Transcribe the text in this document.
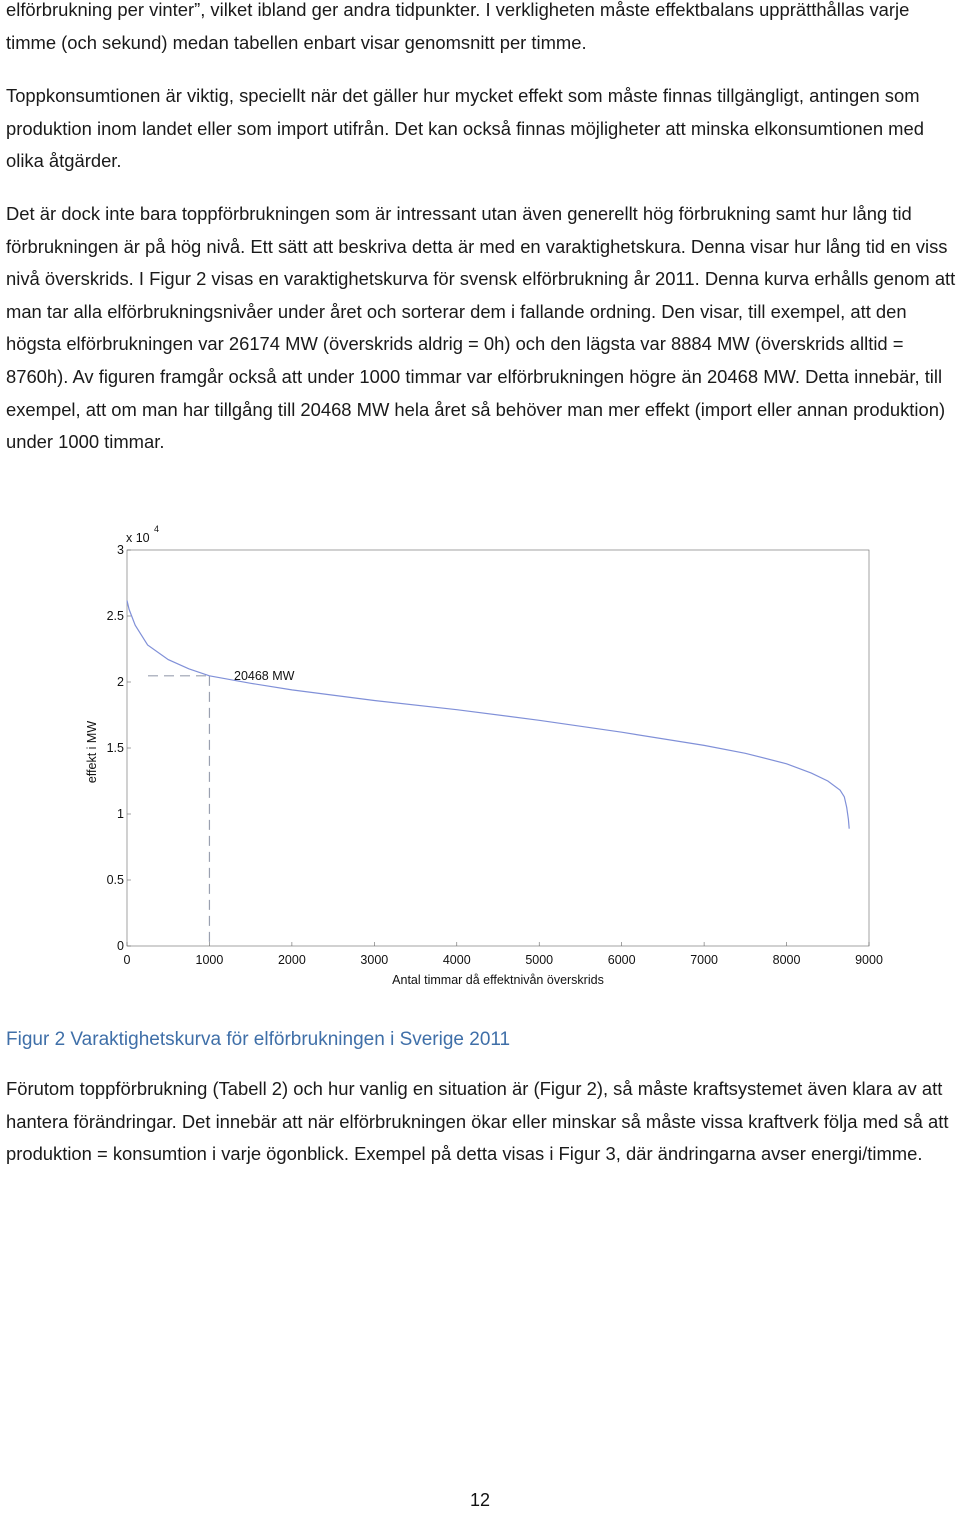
elförbrukning per vinter”, vilket ibland ger andra tidpunkter. I verkligheten måste effektbalans upprätthållas varje timme (och sekund) medan tabellen enbart visar genomsnitt per timme.

Toppkonsumtionen är viktig, speciellt när det gäller hur mycket effekt som måste finnas tillgängligt, antingen som produktion inom landet eller som import utifrån. Det kan också finnas möjligheter att minska elkonsumtionen med olika åtgärder.

Det är dock inte bara toppförbrukningen som är intressant utan även generellt hög förbrukning samt hur lång tid förbrukningen är på hög nivå. Ett sätt att beskriva detta är med en varaktighetskura. Denna visar hur lång tid en viss nivå överskrids. I Figur 2 visas en varaktighetskurva för svensk elförbrukning år 2011. Denna kurva erhålls genom att man tar alla elförbrukningsnivåer under året och sorterar dem i fallande ordning. Den visar, till exempel, att den högsta elförbrukningen var 26174 MW (överskrids aldrig = 0h) och den lägsta var 8884 MW (överskrids alltid = 8760h). Av figuren framgår också att under 1000 timmar var elförbrukningen högre än 20468 MW. Detta innebär, till exempel, att om man har tillgång till 20468 MW hela året så behöver man mer effekt (import eller annan produktion) under 1000 timmar.

0
0.5
1
1.5
2
2.5
3
0	1000	2000	3000	4000	5000	6000	7000	8000	9000
x 10
4
effekt i MW
Antal timmar då effektnivån överskrids
20468 MW

Figur 2 Varaktighetskurva för elförbrukningen i Sverige 2011

Förutom toppförbrukning (Tabell 2) och hur vanlig en situation är (Figur 2), så måste kraftsystemet även klara av att hantera förändringar. Det innebär att när elförbrukningen ökar eller minskar så måste vissa kraftverk följa med så att produktion = konsumtion i varje ögonblick. Exempel på detta visas i Figur 3, där ändringarna avser energi/timme.

12
